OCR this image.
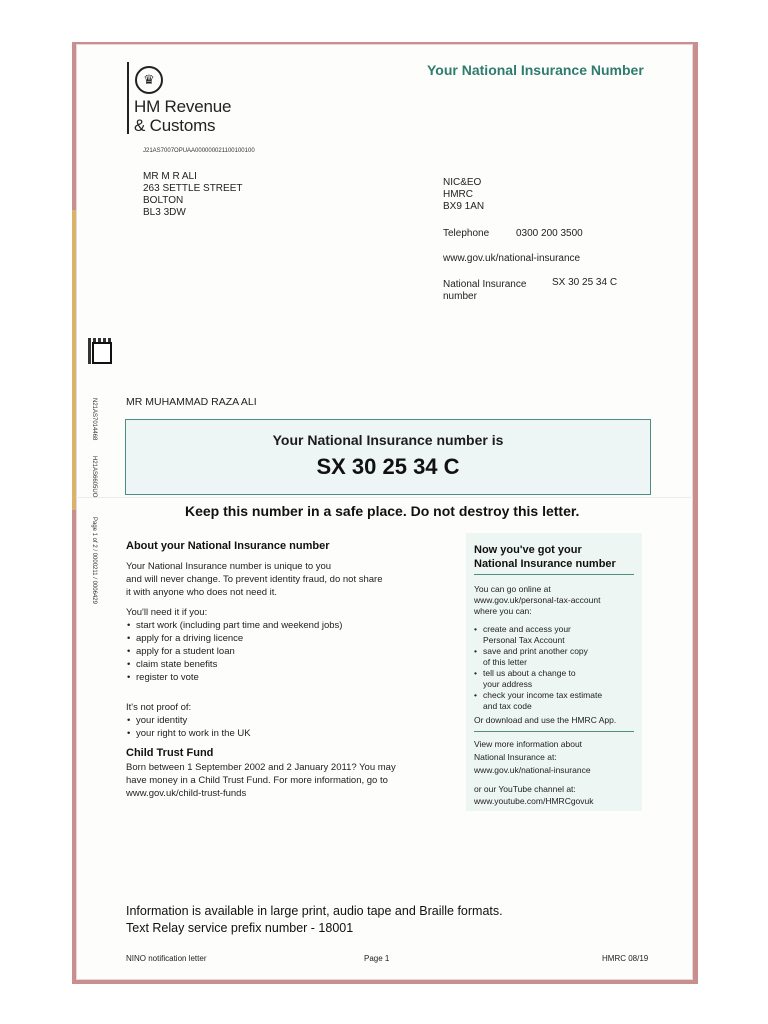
♛
HM Revenue
& Customs
Your National Insurance Number
J21AS7007OPUAA000000021100100100
MR M R ALI
263 SETTLE STREET
BOLTON
BL3 3DW
NIC&EO
HMRC
BX9 1AN
Telephone	0300 200 3500
www.gov.uk/national-insurance
National Insurance
number
SX 30 25 34 C
N21AS7014468
H21AS6605UO
Page 1 of 2 / 0000211 / 0006429
MR MUHAMMAD RAZA ALI
Your National Insurance number is
SX 30 25 34 C
Keep this number in a safe place. Do not destroy this letter.
About your National Insurance number
Your National Insurance number is unique to you
and will never change. To prevent identity fraud, do not share
it with anyone who does not need it.
You'll need it if you:
• start work (including part time and weekend jobs)
• apply for a driving licence
• apply for a student loan
• claim state benefits
• register to vote
It's not proof of:
• your identity
• your right to work in the UK
Child Trust Fund
Born between 1 September 2002 and 2 January 2011? You may
have money in a Child Trust Fund. For more information, go to
www.gov.uk/child-trust-funds
Now you've got your
National Insurance number
You can go online at
www.gov.uk/personal-tax-account
where you can:
• create and access your
Personal Tax Account
• save and print another copy
of this letter
• tell us about a change to
your address
• check your income tax estimate
and tax code
Or download and use the HMRC App.
View more information about
National Insurance at:
www.gov.uk/national-insurance
or our YouTube channel at:
www.youtube.com/HMRCgovuk
Information is available in large print, audio tape and Braille formats.
Text Relay service prefix number - 18001
NINO notification letter	Page 1	HMRC 08/19
